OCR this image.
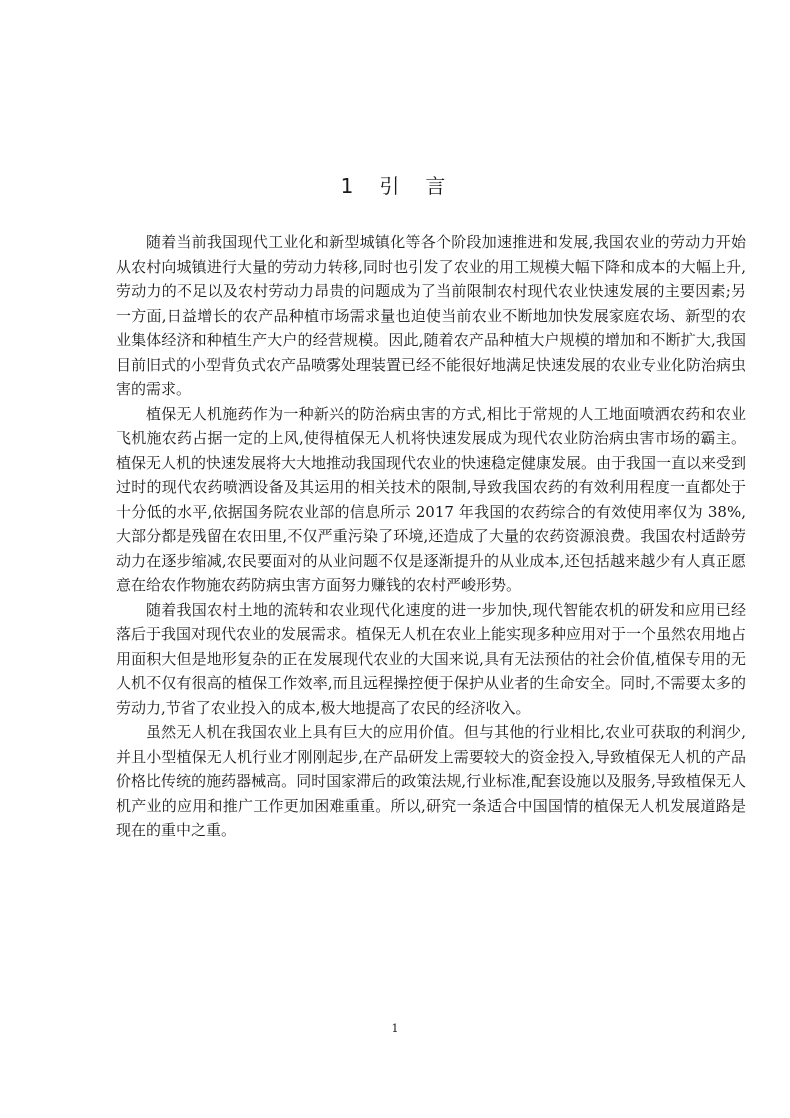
1 引 言

随着当前我国现代工业化和新型城镇化等各个阶段加速推进和发展,我国农业的劳动力开始从农村向城镇进行大量的劳动力转移,同时也引发了农业的用工规模大幅下降和成本的大幅上升,劳动力的不足以及农村劳动力昂贵的问题成为了当前限制农村现代农业快速发展的主要因素;另一方面,日益增长的农产品种植市场需求量也迫使当前农业不断地加快发展家庭农场、新型的农业集体经济和种植生产大户的经营规模。因此,随着农产品种植大户规模的增加和不断扩大,我国目前旧式的小型背负式农产品喷雾处理装置已经不能很好地满足快速发展的农业专业化防治病虫害的需求。

植保无人机施药作为一种新兴的防治病虫害的方式,相比于常规的人工地面喷洒农药和农业飞机施农药占据一定的上风,使得植保无人机将快速发展成为现代农业防治病虫害市场的霸主。植保无人机的快速发展将大大地推动我国现代农业的快速稳定健康发展。由于我国一直以来受到过时的现代农药喷洒设备及其运用的相关技术的限制,导致我国农药的有效利用程度一直都处于十分低的水平,依据国务院农业部的信息所示 2017 年我国的农药综合的有效使用率仅为 38%,大部分都是残留在农田里,不仅严重污染了环境,还造成了大量的农药资源浪费。我国农村适龄劳动力在逐步缩减,农民要面对的从业问题不仅是逐渐提升的从业成本,还包括越来越少有人真正愿意在给农作物施农药防病虫害方面努力赚钱的农村严峻形势。

随着我国农村土地的流转和农业现代化速度的进一步加快,现代智能农机的研发和应用已经落后于我国对现代农业的发展需求。植保无人机在农业上能实现多种应用对于一个虽然农用地占用面积大但是地形复杂的正在发展现代农业的大国来说,具有无法预估的社会价值,植保专用的无人机不仅有很高的植保工作效率,而且远程操控便于保护从业者的生命安全。同时,不需要太多的劳动力,节省了农业投入的成本,极大地提高了农民的经济收入。

虽然无人机在我国农业上具有巨大的应用价值。但与其他的行业相比,农业可获取的利润少,并且小型植保无人机行业才刚刚起步,在产品研发上需要较大的资金投入,导致植保无人机的产品价格比传统的施药器械高。同时国家滞后的政策法规,行业标准,配套设施以及服务,导致植保无人机产业的应用和推广工作更加困难重重。所以,研究一条适合中国国情的植保无人机发展道路是现在的重中之重。

1
